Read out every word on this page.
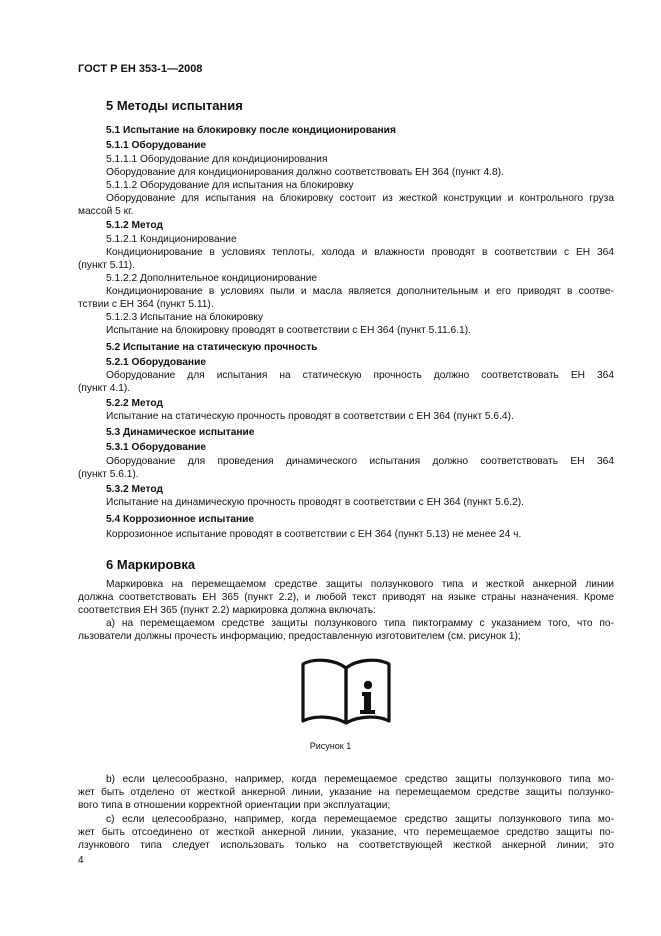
ГОСТ Р ЕН 353-1—2008
5 Методы испытания
5.1 Испытание на блокировку после кондиционирования
5.1.1 Оборудование
5.1.1.1 Оборудование для кондиционирования
Оборудование для кондиционирования должно соответствовать ЕН 364 (пункт 4.8).
5.1.1.2 Оборудование для испытания на блокировку
Оборудование для испытания на блокировку состоит из жесткой конструкции и контрольного груза
массой 5 кг.
5.1.2 Метод
5.1.2.1 Кондиционирование
Кондиционирование в условиях теплоты, холода и влажности проводят в соответствии с ЕН 364
(пункт 5.11).
5.1.2.2 Дополнительное кондиционирование
Кондиционирование в условиях пыли и масла является дополнительным и его приводят в соотве-
тствии с ЕН 364 (пункт 5.11).
5.1.2.3 Испытание на блокировку
Испытание на блокировку проводят в соответствии с ЕН 364 (пункт 5.11.6.1).
5.2 Испытание на статическую прочность
5.2.1 Оборудование
Оборудование для испытания на статическую прочность должно соответствовать ЕН 364
(пункт 4.1).
5.2.2 Метод
Испытание на статическую прочность проводят в соответствии с ЕН 364 (пункт 5.6.4).
5.3 Динамическое испытание
5.3.1 Оборудование
Оборудование для проведения динамического испытания должно соответствовать ЕН 364
(пункт 5.6.1).
5.3.2 Метод
Испытание на динамическую прочность проводят в соответствии с ЕН 364 (пункт 5.6.2).
5.4 Коррозионное испытание
Коррозионное испытание проводят в соответствии с ЕН 364 (пункт 5.13) не менее 24 ч.
6 Маркировка
Маркировка на перемещаемом средстве защиты ползункового типа и жесткой анкерной линии
должна соответствовать ЕН 365 (пункт 2.2), и любой текст приводят на языке страны назначения. Кроме
соответствия ЕН 365 (пункт 2.2) маркировка должна включать:
a) на перемещаемом средстве защиты ползункового типа пиктограмму с указанием того, что по-
льзователи должны прочесть информацию, предоставленную изготовителем (см. рисунок 1);
Рисунок 1
b) если целесообразно, например, когда перемещаемое средство защиты ползункового типа мо-
жет быть отделено от жесткой анкерной линии, указание на перемещаемом средстве защиты ползунко-
вого типа в отношении корректной ориентации при эксплуатации;
c) если целесообразно, например, когда перемещаемое средство защиты ползункового типа мо-
жет быть отсоединено от жесткой анкерной линии, указание, что перемещаемое средство защиты по-
лзункового типа следует использовать только на соответствующей жесткой анкерной линии; это
4
